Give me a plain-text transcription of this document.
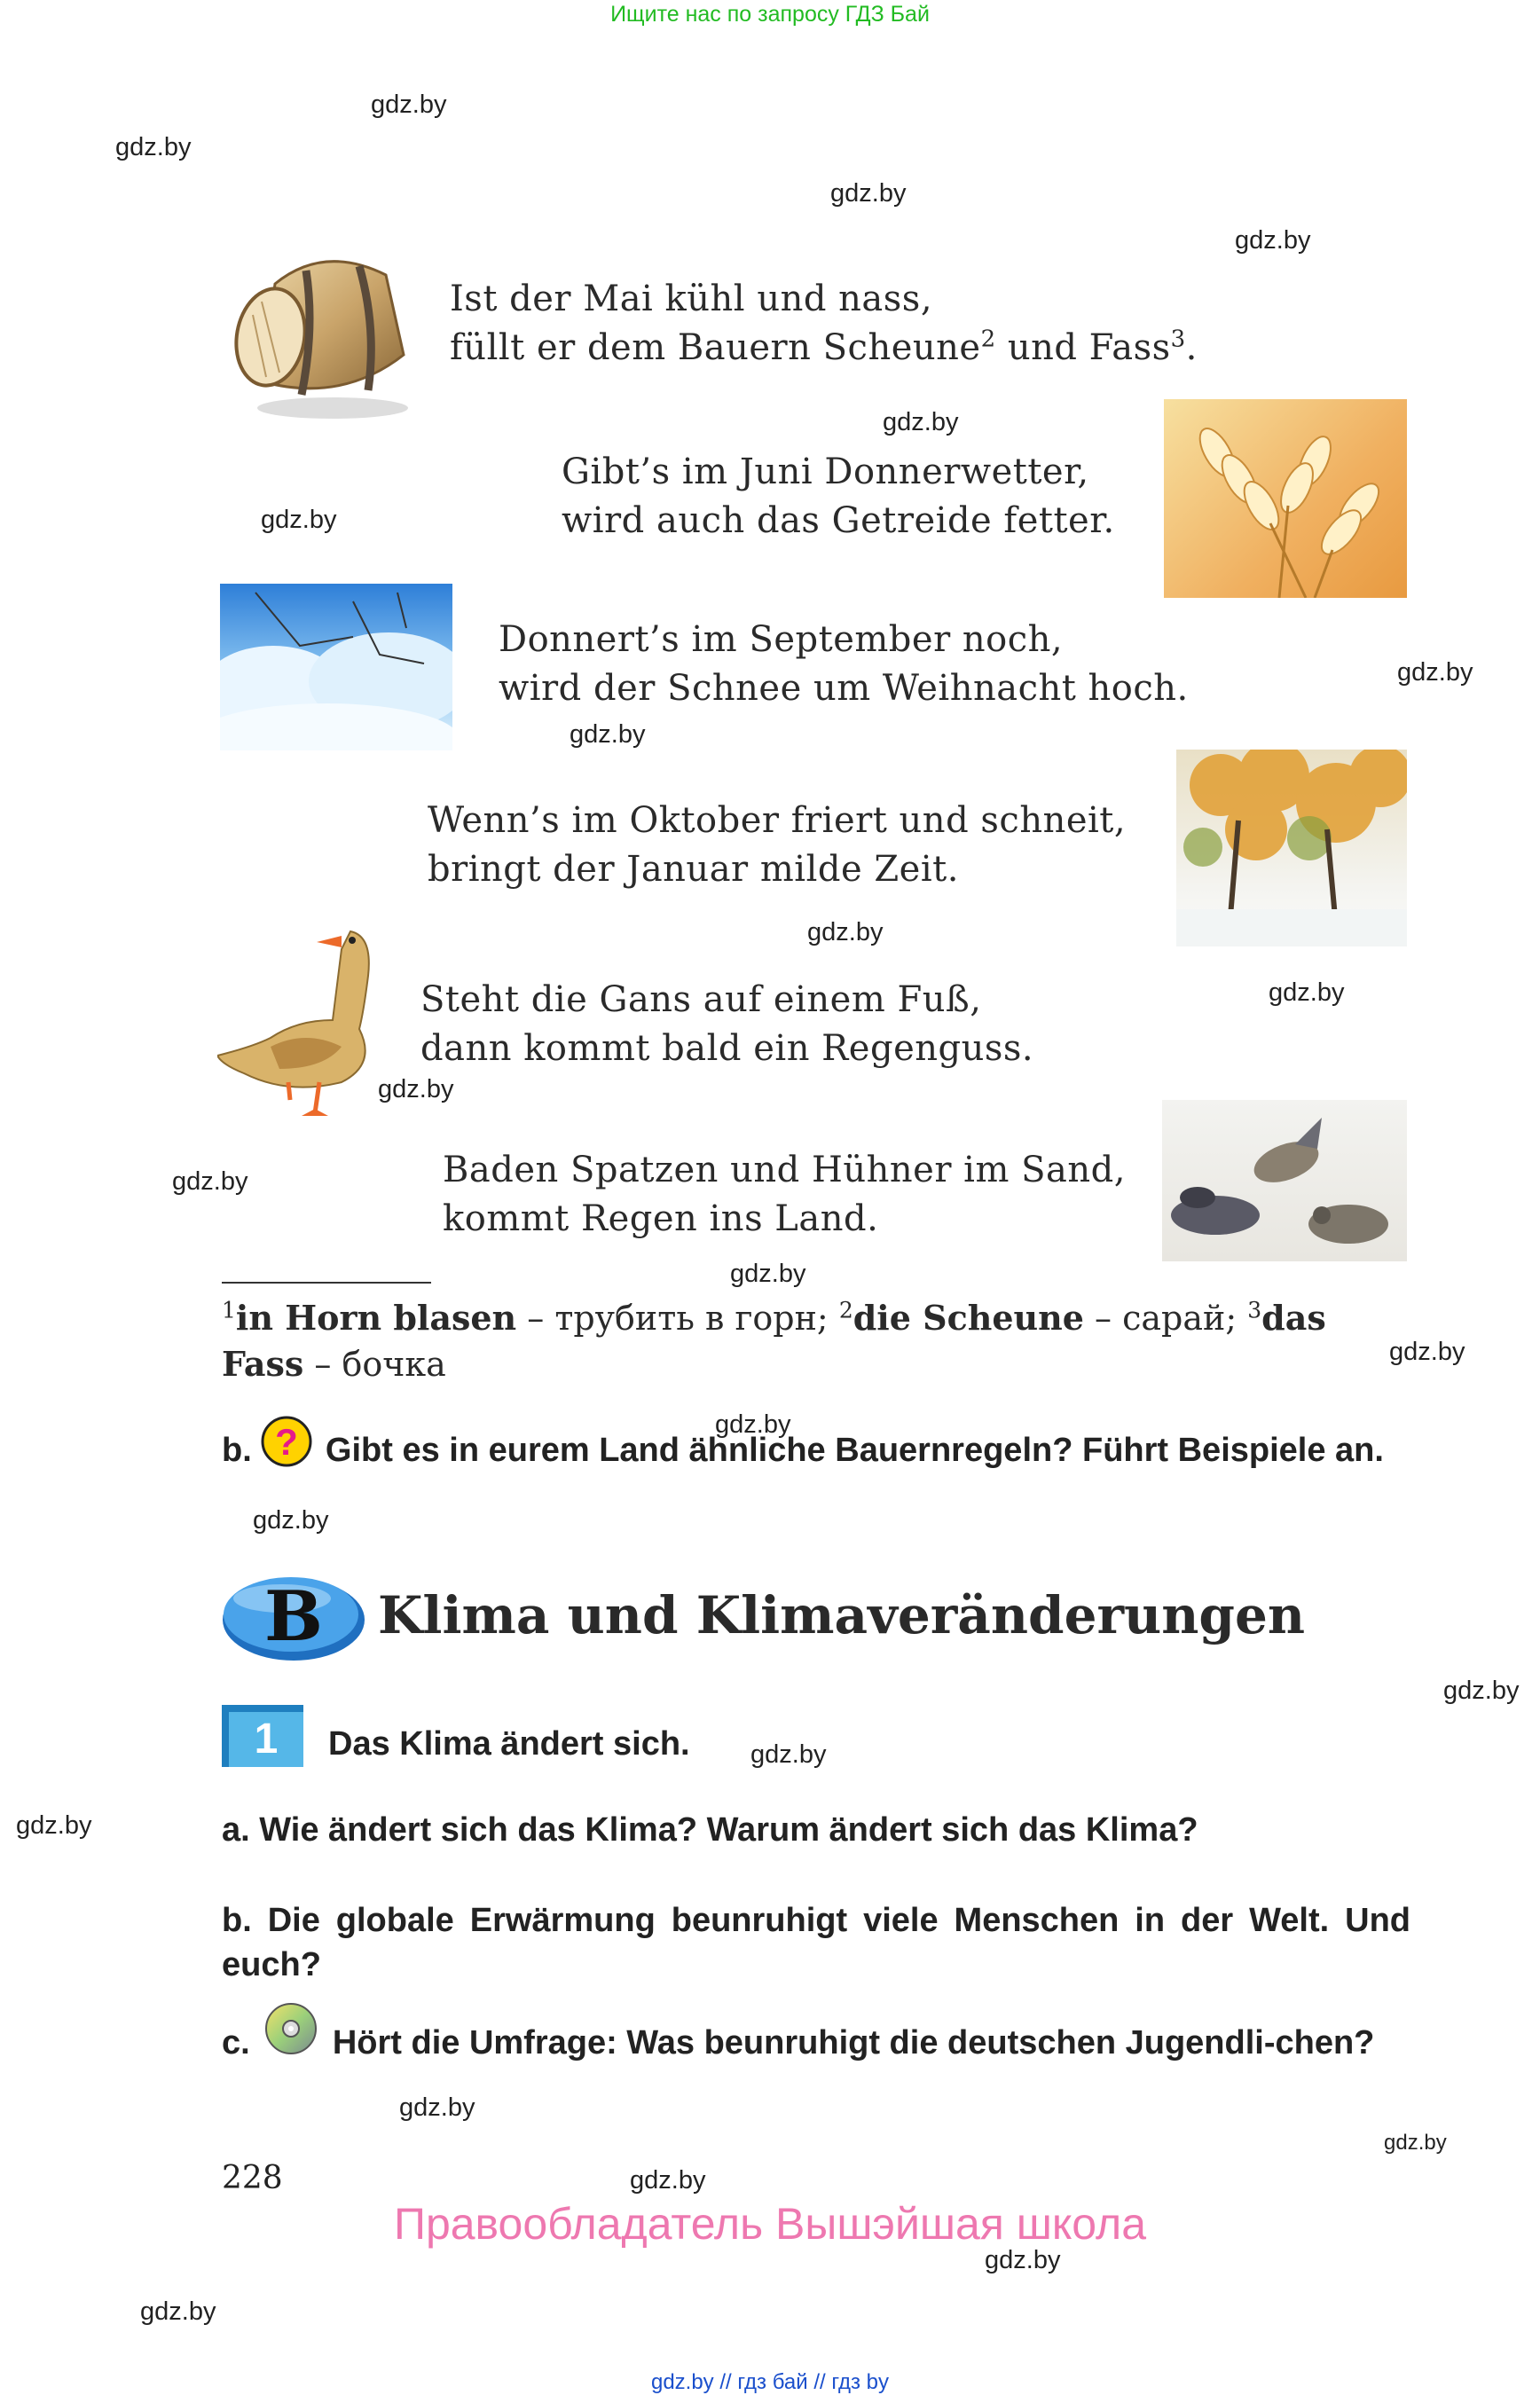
Ищите нас по запросу ГДЗ Бай
gdz.by
gdz.by
gdz.by
gdz.by
gdz.by
gdz.by
gdz.by
gdz.by
gdz.by
gdz.by
gdz.by
gdz.by
gdz.by
gdz.by
gdz.by
gdz.by
gdz.by
gdz.by
gdz.by
gdz.by
gdz.by
gdz.by
gdz.by
gdz.by
Ist der Mai kühl und nass,
füllt er dem Bauern Scheune$^2$ und Fass$^3$.
Gibt’s im Juni Donnerwetter,
wird auch das Getreide fetter.
Donnert’s im September noch,
wird der Schnee um Weihnacht hoch.
Wenn’s im Oktober friert und schneit,
bringt der Januar milde Zeit.
Steht die Gans auf einem Fuß,
dann kommt bald ein Regenguss.
Baden Spatzen und Hühner im Sand,
kommt Regen ins Land.
$^1$in Horn blasen – трубить в горн; $^2$die Scheune – сарай; $^3$das Fass – бочка
b. ? Gibt es in eurem Land ähnliche Bauernregeln? Führt Beispiele an.
B	Klima und Klimaveränderungen
1	Das Klima ändert sich.
a. Wie ändert sich das Klima? Warum ändert sich das Klima?
b. Die globale Erwärmung beunruhigt viele Menschen in der Welt. Und euch?
c. Hört die Umfrage: Was beunruhigt die deutschen Jugendli-chen?
228
Правообладатель Вышэйшая школа
gdz.by // гдз бай // гдз by
